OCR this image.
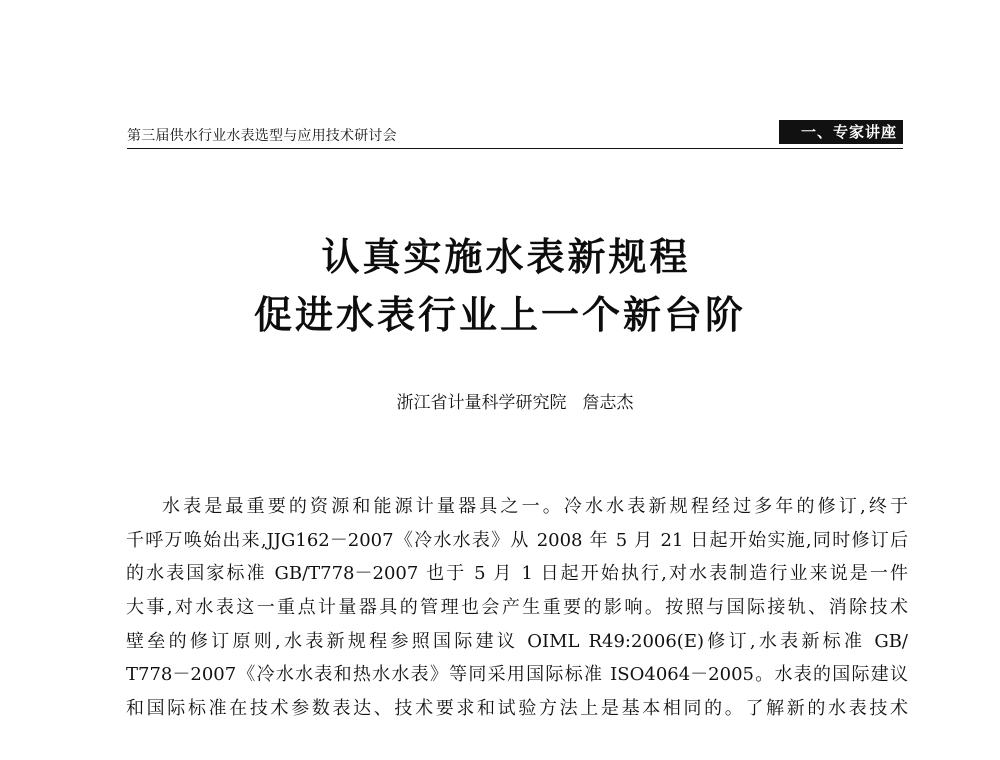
第三届供水行业水表选型与应用技术研讨会	一、专家讲座
认真实施水表新规程
促进水表行业上一个新台阶
浙江省计量科学研究院 詹志杰
水表是最重要的资源和能源计量器具之一。冷水水表新规程经过多年的修订,终于
千呼万唤始出来,JJG162－2007《冷水水表》从 2008 年 5 月 21 日起开始实施,同时修订后
的水表国家标准 GB/T778－2007 也于 5 月 1 日起开始执行,对水表制造行业来说是一件
大事,对水表这一重点计量器具的管理也会产生重要的影响。按照与国际接轨、消除技术
壁垒的修订原则,水表新规程参照国际建议 OIML R49:2006(E)修订,水表新标准 GB/
T778－2007《冷水水表和热水水表》等同采用国际标准 ISO4064－2005。水表的国际建议
和国际标准在技术参数表达、技术要求和试验方法上是基本相同的。了解新的水表技术
